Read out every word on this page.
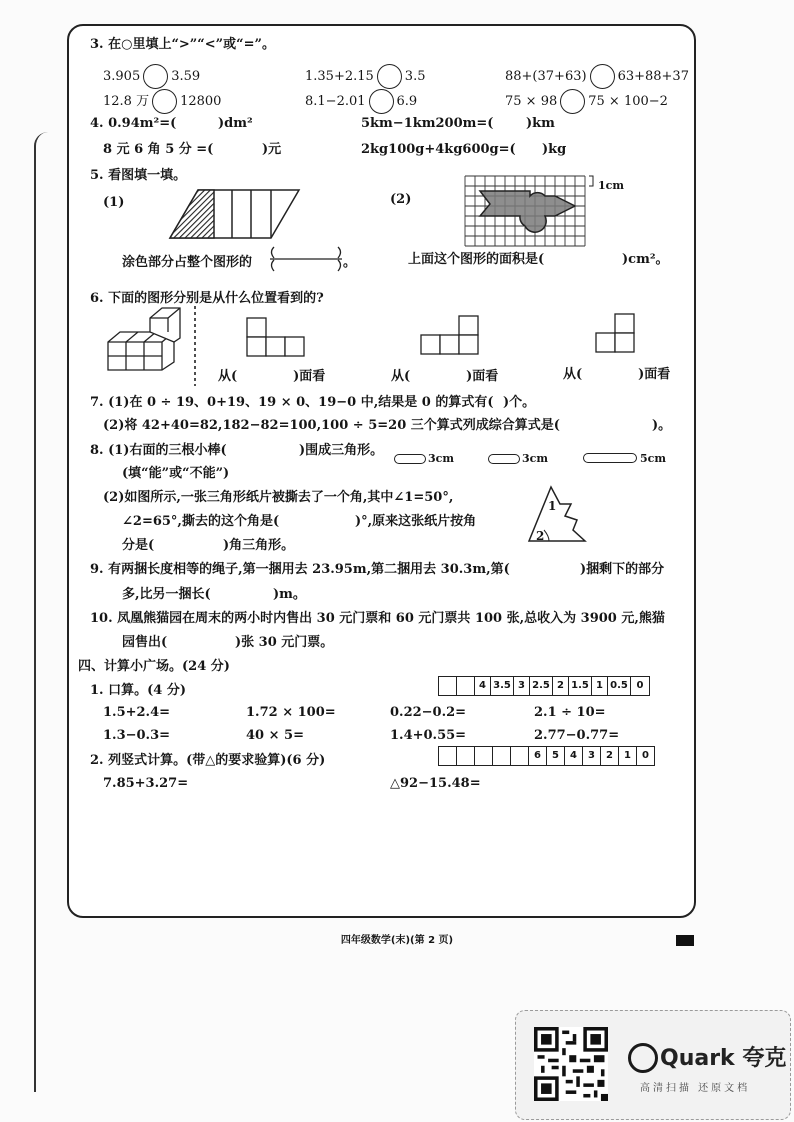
3. 在○里填上“>”“<”或“=”。
3.905 3.59	1.35+2.15 3.5	88+(37+63) 63+88+37
12.8 万 12800	8.1−2.01 6.9	75 × 98 75 × 100−2
4. 0.94m²=(	)dm²	5km−1km200m=(	)km
8 元 6 角 5 分 =(	)元	2kg100g+4kg600g=( )kg
5. 看图填一填。
(1)	(2)
1cm
涂色部分占整个图形的	。	上面这个图形的面积是(	)cm²。
6. 下面的图形分别是从什么位置看到的?
从(	)面看	从(	)面看	从(	)面看
7. (1)在 0 ÷ 19、0+19、19 × 0、19−0 中,结果是 0 的算式有( )个。
(2)将 42+40=82,182−82=100,100 ÷ 5=20 三个算式列成综合算式是(	)。
8. (1)右面的三根小棒(	)围成三角形。
(填“能”或“不能”)
3cm	3cm	5cm
(2)如图所示,一张三角形纸片被撕去了一个角,其中∠1=50°,
∠2=65°,撕去的这个角是(	)°,原来这张纸片按角
分是(	)角三角形。
1
2
9. 有两捆长度相等的绳子,第一捆用去 23.95m,第二捆用去 30.3m,第(	)捆剩下的部分
多,比另一捆长(	)m。
10. 凤凰熊猫园在周末的两小时内售出 30 元门票和 60 元门票共 100 张,总收入为 3900 元,熊猫
园售出(	)张 30 元门票。
四、计算小广场。(24 分)
1. 口算。(4 分)	4 3.5 3 2.5 2 1.5 1 0.5 0
1.5+2.4=	1.72 × 100=	0.22−0.2=	2.1 ÷ 10=
1.3−0.3=	40 × 5=	1.4+0.55=	2.77−0.77=
2. 列竖式计算。(带△的要求验算)(6 分)	6	5	4	3	2	1	0
7.85+3.27=	△92−15.48=
四年级数学(末)(第 2 页)
Quark 夸克
高清扫描 还原文档
